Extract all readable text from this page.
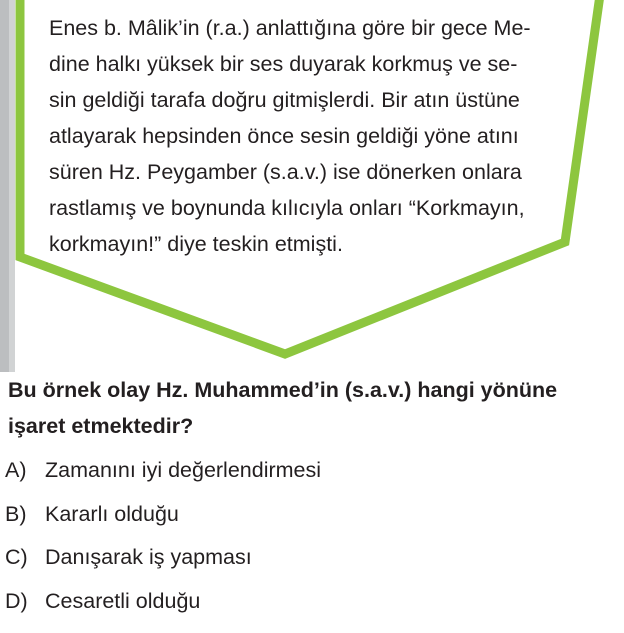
Enes b. Mâlik’in (r.a.) anlattığına göre bir gece Me-
dine halkı yüksek bir ses duyarak korkmuş ve se-
sin geldiği tarafa doğru gitmişlerdi. Bir atın üstüne
atlayarak hepsinden önce sesin geldiği yöne atını
süren Hz. Peygamber (s.a.v.) ise dönerken onlara
rastlamış ve boynunda kılıcıyla onları “Korkmayın,
korkmayın!” diye teskin etmişti.
Bu örnek olay Hz. Muhammed’in (s.a.v.) hangi yönüne
işaret etmektedir?
A) Zamanını iyi değerlendirmesi
B) Kararlı olduğu
C) Danışarak iş yapması
D) Cesaretli olduğu
